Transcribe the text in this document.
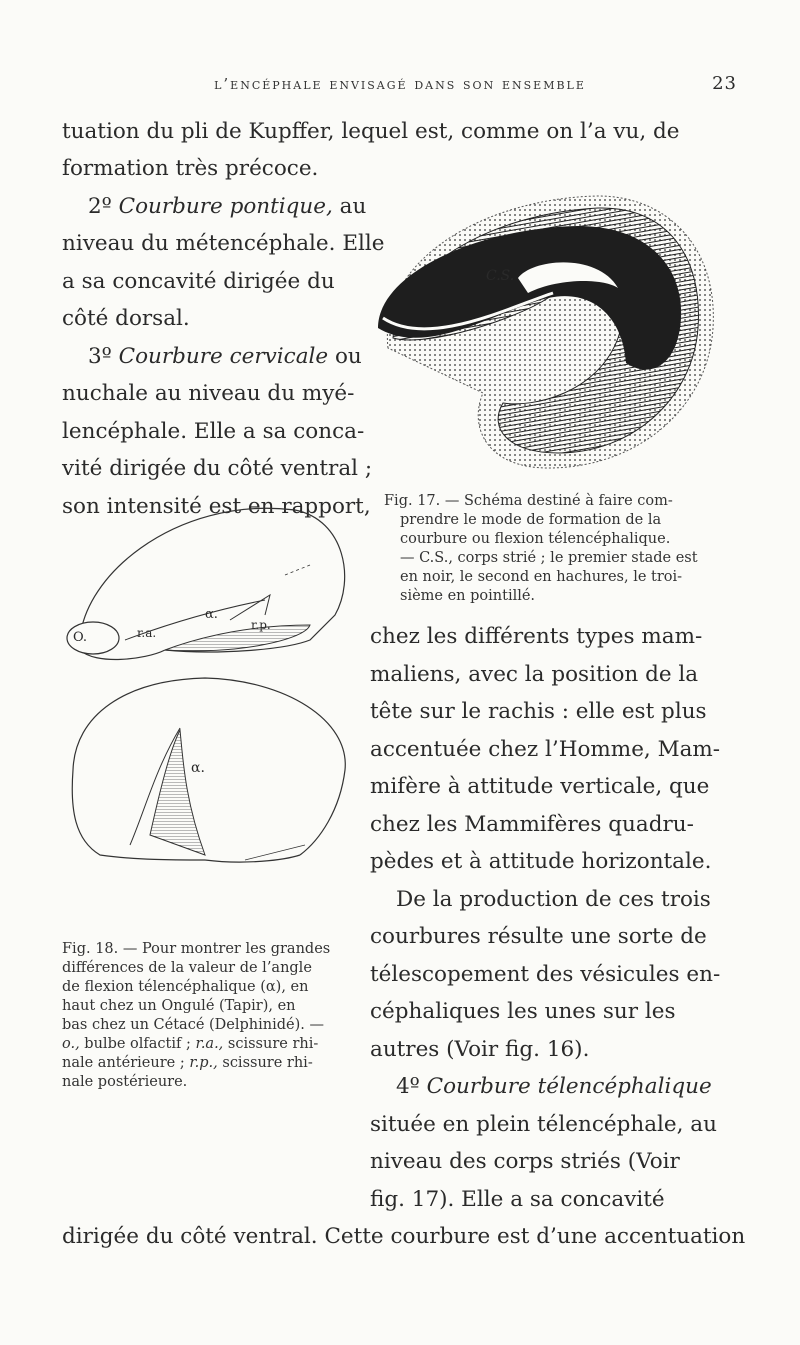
l’encéphale envisagé dans son ensemble	23
tuation du pli de Kupffer, lequel est, comme on l’a vu, de
formation très précoce.
2º Courbure pontique, au
niveau du métencéphale. Elle
a sa concavité dirigée du
côté dorsal.
3º Courbure cervicale ou
nuchale au niveau du myé-
lencéphale. Elle a sa conca-
vité dirigée du côté ventral ;
son intensité est en rapport,
C.S.
Fig. 17. — Schéma destiné à faire com-
prendre le mode de formation de la
courbure ou flexion télencéphalique.
— C.S., corps strié ; le premier stade est
en noir, le second en hachures, le troi-
sième en pointillé.
O.
α.
r.a.
r.p.
α.
Fig. 18. — Pour montrer les grandes
différences de la valeur de l’angle
de flexion télencéphalique (α), en
haut chez un Ongulé (Tapir), en
bas chez un Cétacé (Delphinidé). —
o., bulbe olfactif ; r.a., scissure rhi-
nale antérieure ; r.p., scissure rhi-
nale postérieure.
chez les différents types mam-
maliens, avec la position de la
tête sur le rachis : elle est plus
accentuée chez l’Homme, Mam-
mifère à attitude verticale, que
chez les Mammifères quadru-
pèdes et à attitude horizontale.
De la production de ces trois
courbures résulte une sorte de
télescopement des vésicules en-
céphaliques les unes sur les
autres (Voir fig. 16).
4º Courbure télencéphalique
située en plein télencéphale, au
niveau des corps striés (Voir
fig. 17). Elle a sa concavité
dirigée du côté ventral. Cette courbure est d’une accentuation
